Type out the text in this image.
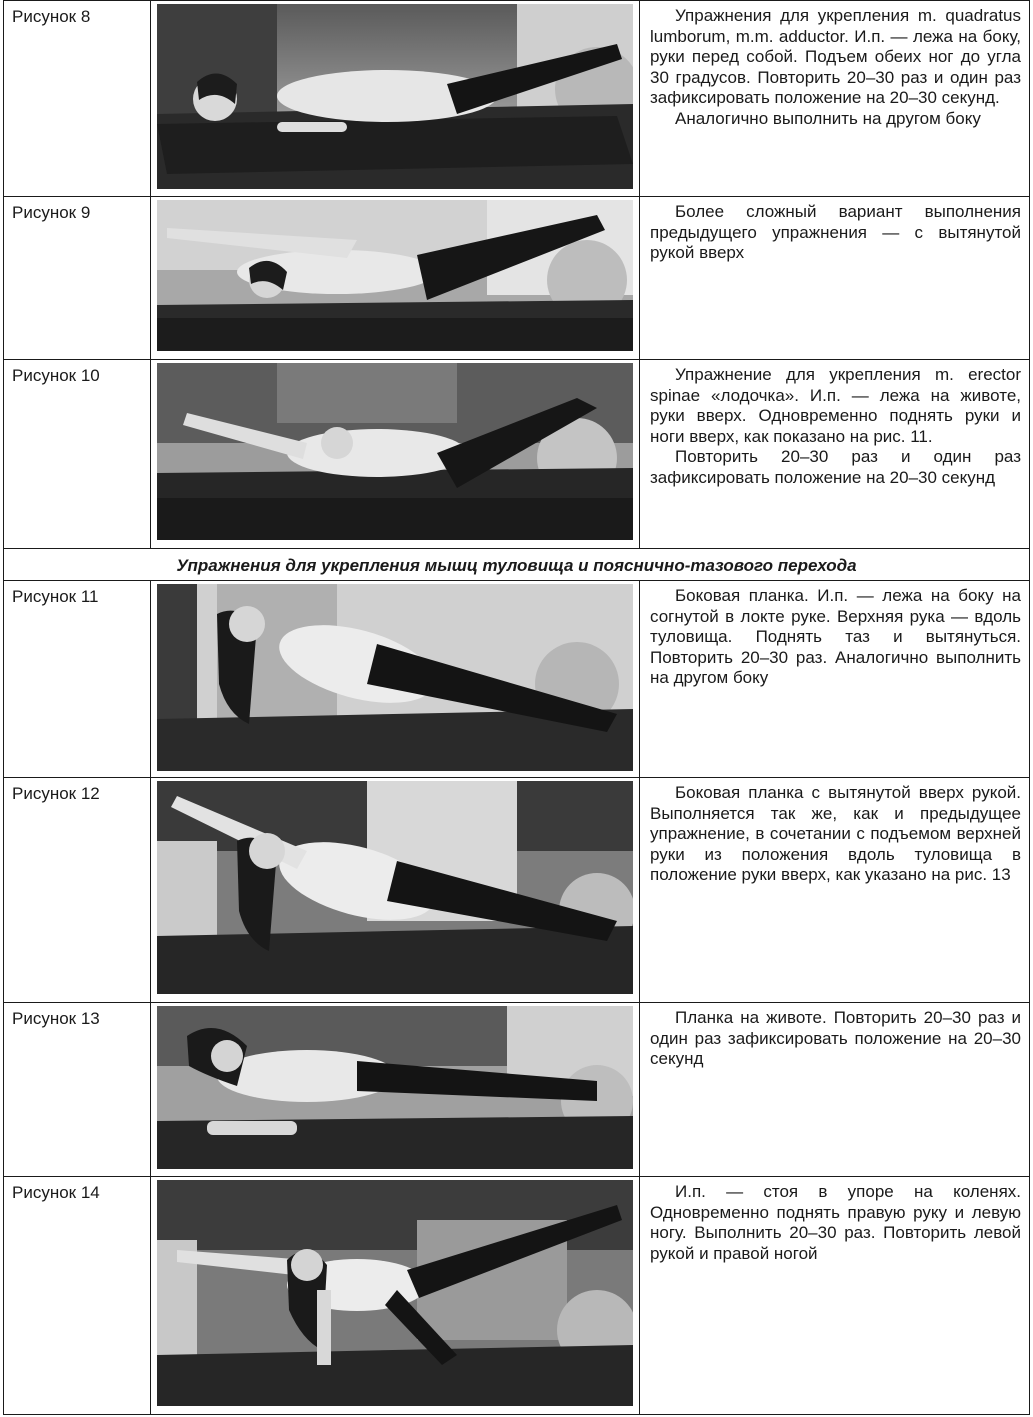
Рисунок 8		Упражнения для укрепления m. quadratus lumborum, m.m. adductor. И.п. — лежа на боку, руки перед собой. Подъем обеих ног до угла 30 градусов. Повторить 20–30 раз и один раз зафиксировать положение на 20–30 секунд.

Аналогично выполнить на другом боку

Рисунок 9		Более сложный вариант выполнения предыдущего упражнения — с вытянутой рукой вверх

Рисунок 10		Упражнение для укрепления m. erector spinae «лодочка». И.п. — лежа на животе, руки вверх. Одновременно поднять руки и ноги вверх, как показано на рис. 11.

Повторить 20–30 раз и один раз зафиксировать положение на 20–30 секунд

Упражнения для укрепления мышц туловища и пояснично-тазового перехода		
Рисунок 11		Боковая планка. И.п. — лежа на боку на согнутой в локте руке. Верхняя рука — вдоль туловища. Поднять таз и вытянуться. Повторить 20–30 раз. Аналогично выполнить на другом боку

Рисунок 12		Боковая планка с вытянутой вверх рукой. Выполняется так же, как и предыдущее упражнение, в сочетании с подъемом верхней руки из положения вдоль туловища в положение руки вверх, как указано на рис. 13

Рисунок 13		Планка на животе. Повторить 20–30 раз и один раз зафиксировать положение на 20–30 секунд

Рисунок 14		И.п. — стоя в упоре на коленях. Одновременно поднять правую руку и левую ногу. Выполнить 20–30 раз. Повторить левой рукой и правой ногой
